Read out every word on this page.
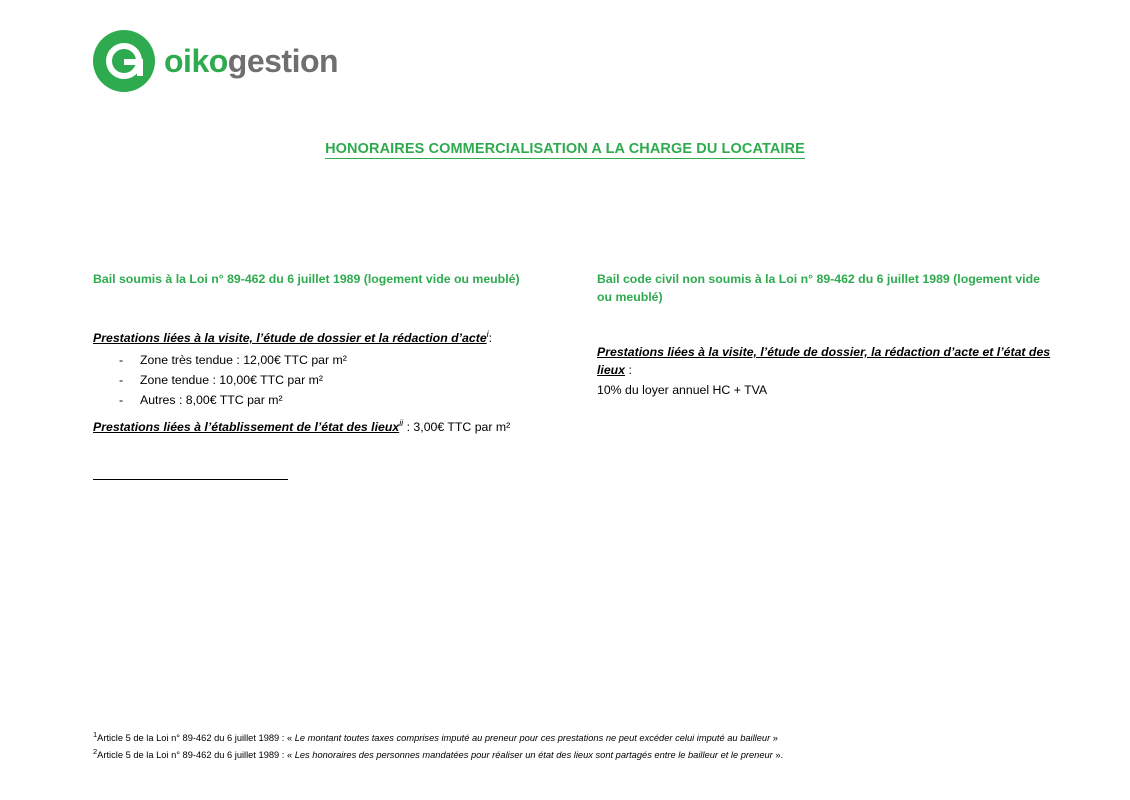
oikogestion
HONORAIRES COMMERCIALISATION A LA CHARGE DU LOCATAIRE
Bail soumis à la Loi n° 89-462 du 6 juillet 1989 (logement vide ou meublé)

Prestations liées à la visite, l’étude de dossier et la rédaction d’acte$^i$:

- Zone très tendue : 12,00€ TTC par m²
- Zone tendue : 10,00€ TTC par m²
- Autres : 8,00€ TTC par m²

Prestations liées à l’établissement de l’état des lieux$^{ii}$ : 3,00€ TTC par m²

Bail code civil non soumis à la Loi n° 89-462 du 6 juillet 1989 (logement vide ou meublé)

Prestations liées à la visite, l’étude de dossier, la rédaction d’acte et l’état des lieux :

10% du loyer annuel HC + TVA

$^1$Article 5 de la Loi n° 89-462 du 6 juillet 1989 : « Le montant toutes taxes comprises imputé au preneur pour ces prestations ne peut excéder celui imputé au bailleur »
$^2$Article 5 de la Loi n° 89-462 du 6 juillet 1989 : « Les honoraires des personnes mandatées pour réaliser un état des lieux sont partagés entre le bailleur et le preneur ».
